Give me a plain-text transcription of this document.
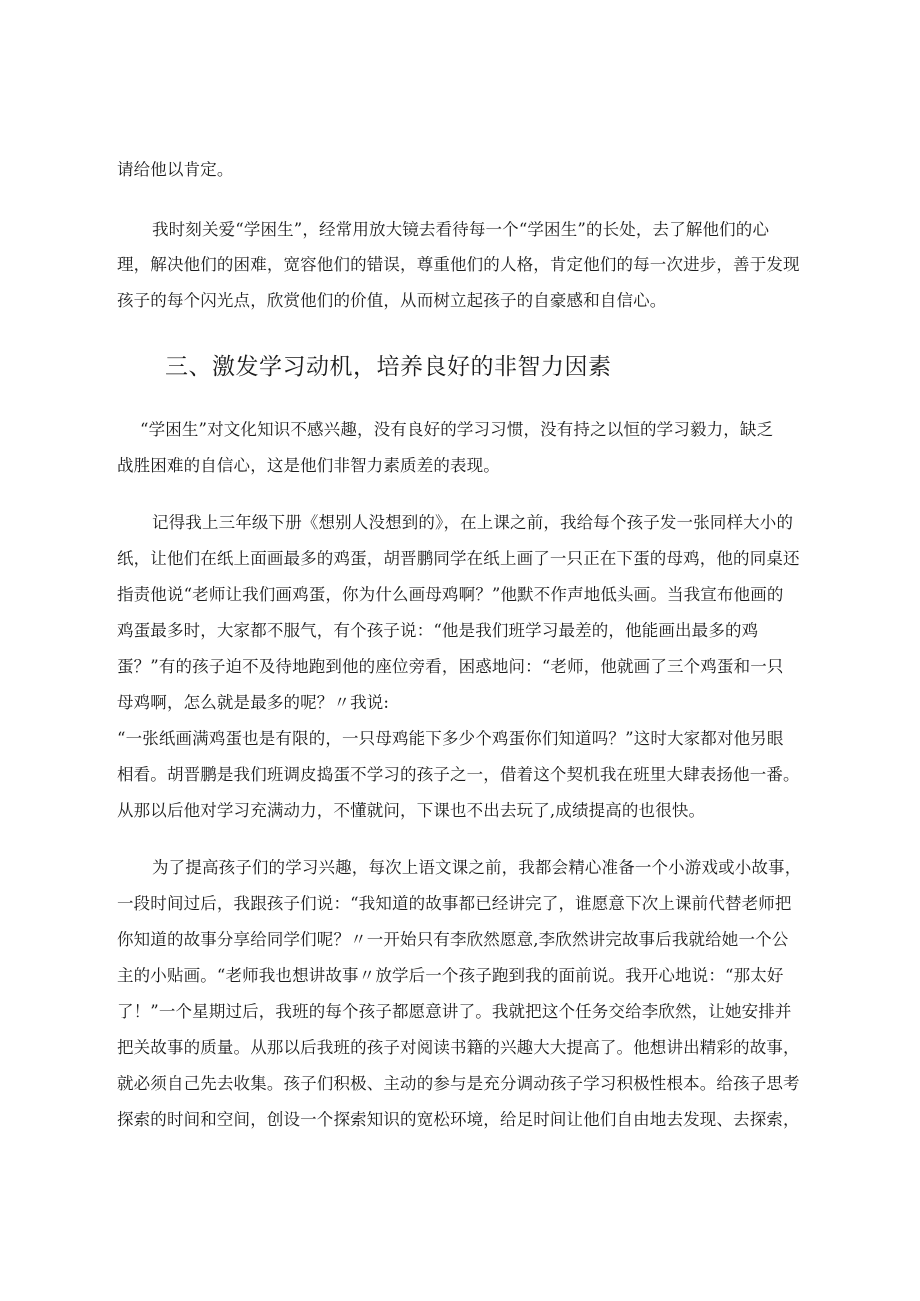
请给他以肯定。
我时刻关爱“学困生”，经常用放大镜去看待每一个“学困生”的长处，去了解他们的心
理，解决他们的困难，宽容他们的错误，尊重他们的人格，肯定他们的每一次进步，善于发现
孩子的每个闪光点，欣赏他们的价值，从而树立起孩子的自豪感和自信心。
三、激发学习动机，培养良好的非智力因素
“学困生”对文化知识不感兴趣，没有良好的学习习惯，没有持之以恒的学习毅力，缺乏
战胜困难的自信心，这是他们非智力素质差的表现。
记得我上三年级下册《想别人没想到的》，在上课之前，我给每个孩子发一张同样大小的
纸，让他们在纸上面画最多的鸡蛋，胡晋鹏同学在纸上画了一只正在下蛋的母鸡，他的同桌还
指责他说“老师让我们画鸡蛋，你为什么画母鸡啊？”他默不作声地低头画。当我宣布他画的
鸡蛋最多时，大家都不服气，有个孩子说：“他是我们班学习最差的，他能画出最多的鸡
蛋？”有的孩子迫不及待地跑到他的座位旁看，困惑地问：“老师，他就画了三个鸡蛋和一只
母鸡啊，怎么就是最多的呢？〃我说:
“一张纸画满鸡蛋也是有限的，一只母鸡能下多少个鸡蛋你们知道吗？”这时大家都对他另眼
相看。胡晋鹏是我们班调皮捣蛋不学习的孩子之一，借着这个契机我在班里大肆表扬他一番。
从那以后他对学习充满动力，不懂就问，下课也不出去玩了,成绩提高的也很快。
为了提高孩子们的学习兴趣，每次上语文课之前，我都会精心准备一个小游戏或小故事，
一段时间过后，我跟孩子们说：“我知道的故事都已经讲完了，谁愿意下次上课前代替老师把
你知道的故事分享给同学们呢？〃一开始只有李欣然愿意,李欣然讲完故事后我就给她一个公
主的小贴画。“老师我也想讲故事〃放学后一个孩子跑到我的面前说。我开心地说：“那太好
了！”一个星期过后，我班的每个孩子都愿意讲了。我就把这个任务交给李欣然，让她安排并
把关故事的质量。从那以后我班的孩子对阅读书籍的兴趣大大提高了。他想讲出精彩的故事，
就必须自己先去收集。孩子们积极、主动的参与是充分调动孩子学习积极性根本。给孩子思考
探索的时间和空间，创设一个探索知识的宽松环境，给足时间让他们自由地去发现、去探索，
